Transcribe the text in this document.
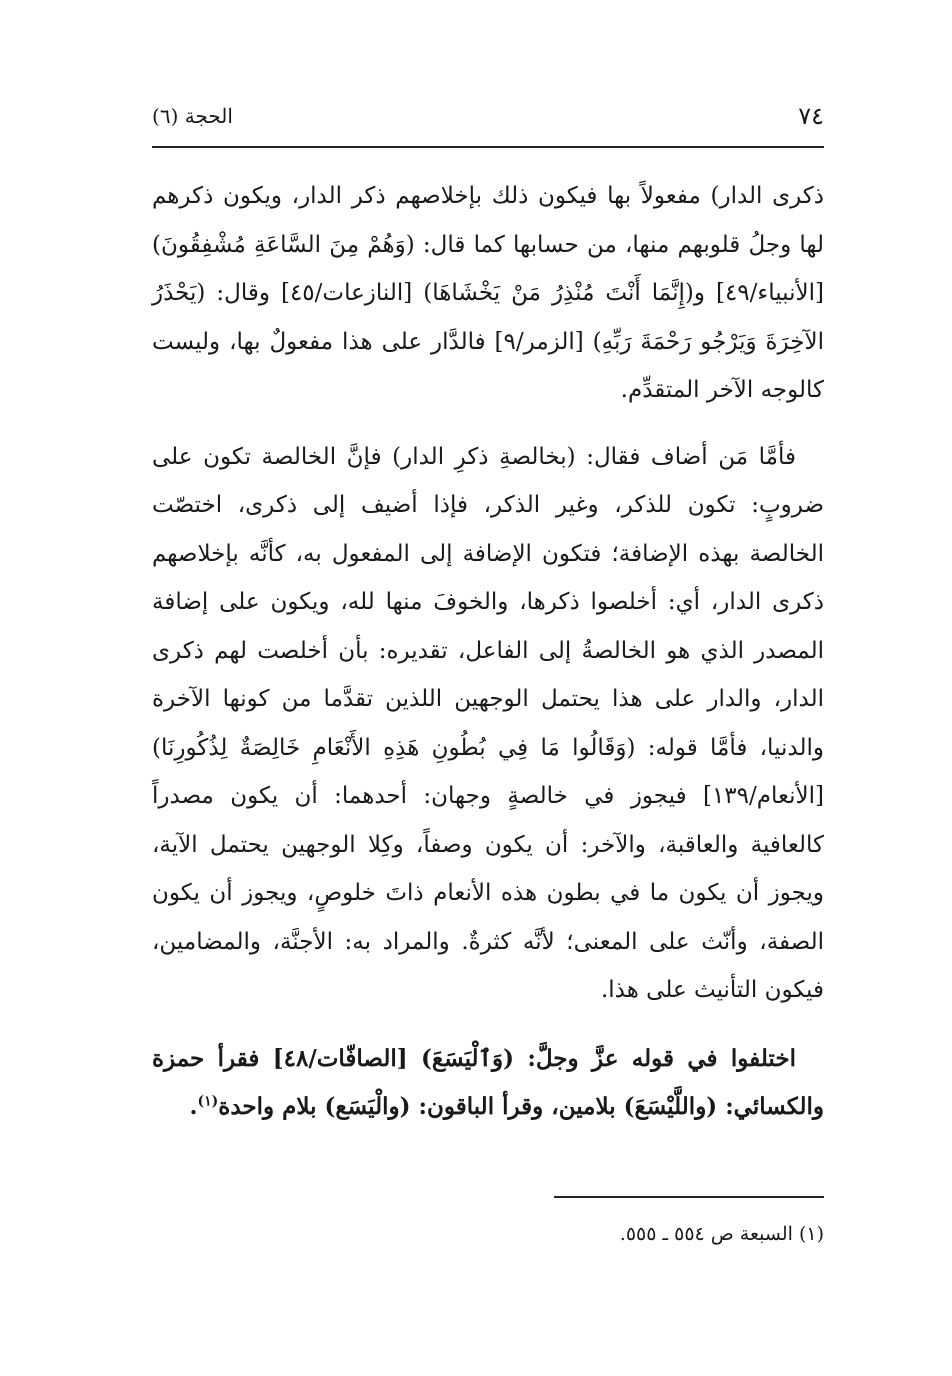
٧٤
الحجة (٦)

ذكرى الدار) مفعولاً بها فيكون ذلك بإخلاصهم ذكر الدار، ويكون ذكرهم لها وجلُ قلوبهم منها، من حسابها كما قال: (وَهُمْ مِنَ السَّاعَةِ مُشْفِقُونَ) [الأنبياء/٤٩] و(إِنَّمَا أَنْتَ مُنْذِرُ مَنْ يَخْشَاهَا) [النازعات/٤٥] وقال: (يَحْذَرُ الآخِرَةَ وَيَرْجُو رَحْمَةَ رَبِّهِ) [الزمر/٩] فالدَّار على هذا مفعولٌ بها، وليست كالوجه الآخر المتقدِّم.

فأمَّا مَن أضاف فقال: (بخالصةِ ذكرِ الدار) فإنَّ الخالصة تكون على ضروبٍ: تكون للذكر، وغير الذكر، فإذا أضيف إلى ذكرى، اختصّت الخالصة بهذه الإضافة؛ فتكون الإضافة إلى المفعول به، كأنَّه بإخلاصهم ذكرى الدار، أي: أخلصوا ذكرها، والخوفَ منها لله، ويكون على إضافة المصدر الذي هو الخالصةُ إلى الفاعل، تقديره: بأن أخلصت لهم ذكرى الدار، والدار على هذا يحتمل الوجهين اللذين تقدَّما من كونها الآخرة والدنيا، فأمَّا قوله: (وَقَالُوا مَا فِي بُطُونِ هَذِهِ الأَنْعَامِ خَالِصَةٌ لِذُكُورِنَا) [الأنعام/١٣٩] فيجوز في خالصةٍ وجهان: أحدهما: أن يكون مصدراً كالعافية والعاقبة، والآخر: أن يكون وصفاً، وكِلا الوجهين يحتمل الآية، ويجوز أن يكون ما في بطون هذه الأنعام ذاتَ خلوصٍ، ويجوز أن يكون الصفة، وأنّث على المعنى؛ لأنَّه كثرةٌ. والمراد به: الأجنَّة، والمضامين، فيكون التأنيث على هذا.

اختلفوا في قوله عزَّ وجلَّ: (وَٱلْيَسَعَ) [الصافّات/٤٨] فقرأ حمزة والكسائي: (واللَّيْسَعَ) بلامين، وقرأ الباقون: (والْيَسَع) بلام واحدة$^{(١)}$.

(١) السبعة ص ٥٥٤ ـ ٥٥٥.
